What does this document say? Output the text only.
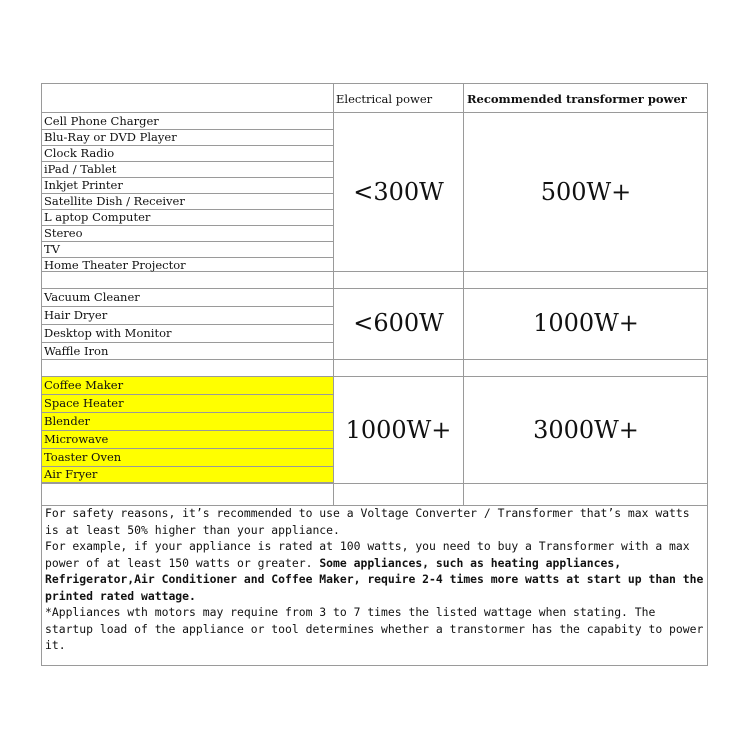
Electrical power	Recommended transformer power
Cell Phone Charger
Blu-Ray or DVD Player
Clock Radio
iPad / Tablet
Inkjet Printer
Satellite Dish / Receiver
L aptop Computer
Stereo
TV
Home Theater Projector
<300W	500W+
Vacuum Cleaner
Hair Dryer
Desktop with Monitor
Waffle Iron
<600W	1000W+
Coffee Maker
Space Heater
Blender
Microwave
Toaster Oven
Air Fryer
1000W+	3000W+

For safety reasons, it’s recommended to use a Voltage Converter / Transformer that’s max watts is at least 50% higher than your appliance.

For example, if your appliance is rated at 100 watts, you need to buy a Transformer with a max power of at least 150 watts or greater. Some appliances, such as heating appliances, Refrigerator,Air Conditioner and Coffee Maker, require 2-4 times more watts at start up than the printed rated wattage.

*Appliances wth motors may requine from 3 to 7 times the listed wattage when stating. The startup load of the appliance or tool determines whether a transtormer has the capabity to power it.
